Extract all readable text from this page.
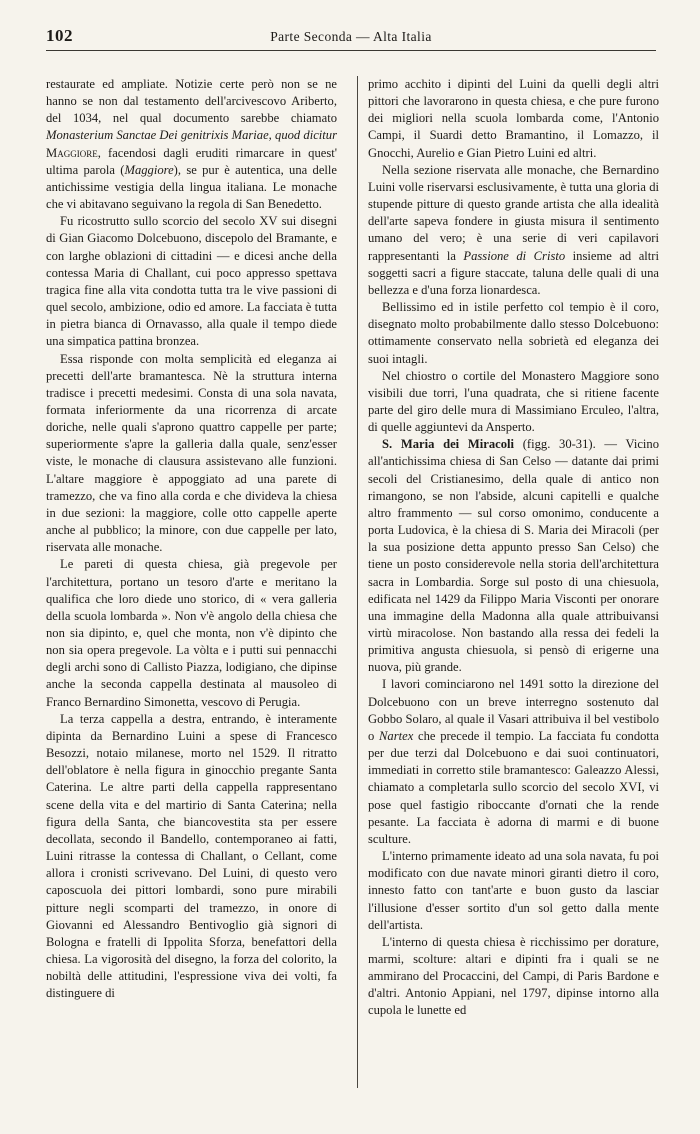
102	Parte Seconda — Alta Italia

restaurate ed ampliate. Notizie certe però non se ne hanno se non dal testamento dell'arcivescovo Ariberto, del 1034, nel qual documento sarebbe chiamato Monasterium Sanctae Dei genitrixis Mariae, quod dicitur Maggiore, facendosi dagli eruditi rimarcare in quest' ultima parola (Maggiore), se pur è autentica, una delle antichissime vestigia della lingua italiana. Le monache che vi abitavano seguivano la regola di San Benedetto.

Fu ricostrutto sullo scorcio del secolo XV sui disegni di Gian Giacomo Dolcebuono, discepolo del Bramante, e con larghe oblazioni di cittadini — e dicesi anche della contessa Maria di Challant, cui poco appresso spettava tragica fine alla vita condotta tutta tra le vive passioni di quel secolo, ambizione, odio ed amore. La facciata è tutta in pietra bianca di Ornavasso, alla quale il tempo diede una simpatica pattina bronzea.

Essa risponde con molta semplicità ed eleganza ai precetti dell'arte bramantesca. Nè la struttura interna tradisce i precetti medesimi. Consta di una sola navata, formata inferiormente da una ricorrenza di arcate doriche, nelle quali s'aprono quattro cappelle per parte; superiormente s'apre la galleria dalla quale, senz'esser viste, le monache di clausura assistevano alle funzioni. L'altare maggiore è appoggiato ad una parete di tramezzo, che va fino alla corda e che divideva la chiesa in due sezioni: la maggiore, colle otto cappelle aperte anche al pubblico; la minore, con due cappelle per lato, riservata alle monache.

Le pareti di questa chiesa, già pregevole per l'architettura, portano un tesoro d'arte e meritano la qualifica che loro diede uno storico, di « vera galleria della scuola lombarda ». Non v'è angolo della chiesa che non sia dipinto, e, quel che monta, non v'è dipinto che non sia opera pregevole. La vòlta e i putti sui pennacchi degli archi sono di Callisto Piazza, lodigiano, che dipinse anche la seconda cappella destinata al mausoleo di Franco Bernardino Simonetta, vescovo di Perugia.

La terza cappella a destra, entrando, è interamente dipinta da Bernardino Luini a spese di Francesco Besozzi, notaio milanese, morto nel 1529. Il ritratto dell'oblatore è nella figura in ginocchio pregante Santa Caterina. Le altre parti della cappella rappresentano scene della vita e del martirio di Santa Caterina; nella figura della Santa, che biancovestita sta per essere decollata, secondo il Bandello, contemporaneo ai fatti, Luini ritrasse la contessa di Challant, o Cellant, come allora i cronisti scrivevano. Del Luini, di questo vero caposcuola dei pittori lombardi, sono pure mirabili pitture negli scomparti del tramezzo, in onore di Giovanni ed Alessandro Bentivoglio già signori di Bologna e fratelli di Ippolita Sforza, benefattori della chiesa. La vigorosità del disegno, la forza del colorito, la nobiltà delle attitudini, l'espressione viva dei volti, fa distinguere di

primo acchito i dipinti del Luini da quelli degli altri pittori che lavorarono in questa chiesa, e che pure furono dei migliori nella scuola lombarda come, l'Antonio Campi, il Suardi detto Bramantino, il Lomazzo, il Gnocchi, Aurelio e Gian Pietro Luini ed altri.

Nella sezione riservata alle monache, che Bernardino Luini volle riservarsi esclusivamente, è tutta una gloria di stupende pitture di questo grande artista che alla idealità dell'arte sapeva fondere in giusta misura il sentimento umano del vero; è una serie di veri capilavori rappresentanti la Passione di Cristo insieme ad altri soggetti sacri a figure staccate, taluna delle quali di una bellezza e d'una forza lionardesca.

Bellissimo ed in istile perfetto col tempio è il coro, disegnato molto probabilmente dallo stesso Dolcebuono: ottimamente conservato nella sobrietà ed eleganza dei suoi intagli.

Nel chiostro o cortile del Monastero Maggiore sono visibili due torri, l'una quadrata, che si ritiene facente parte del giro delle mura di Massimiano Erculeo, l'altra, di quelle aggiuntevi da Ansperto.

S. Maria dei Miracoli (figg. 30-31). — Vicino all'antichissima chiesa di San Celso — datante dai primi secoli del Cristianesimo, della quale di antico non rimangono, se non l'abside, alcuni capitelli e qualche altro frammento — sul corso omonimo, conducente a porta Ludovica, è la chiesa di S. Maria dei Miracoli (per la sua posizione detta appunto presso San Celso) che tiene un posto considerevole nella storia dell'architettura sacra in Lombardia. Sorge sul posto di una chiesuola, edificata nel 1429 da Filippo Maria Visconti per onorare una immagine della Madonna alla quale attribuivansi virtù miracolose. Non bastando alla ressa dei fedeli la primitiva angusta chiesuola, si pensò di erigerne una nuova, più grande.

I lavori cominciarono nel 1491 sotto la direzione del Dolcebuono con un breve interregno sostenuto dal Gobbo Solaro, al quale il Vasari attribuiva il bel vestibolo o Nartex che precede il tempio. La facciata fu condotta per due terzi dal Dolcebuono e dai suoi continuatori, immediati in corretto stile bramantesco: Galeazzo Alessi, chiamato a completarla sullo scorcio del secolo XVI, vi pose quel fastigio riboccante d'ornati che la rende pesante. La facciata è adorna di marmi e di buone sculture.

L'interno primamente ideato ad una sola navata, fu poi modificato con due navate minori giranti dietro il coro, innesto fatto con tant'arte e buon gusto da lasciar l'illusione d'esser sortito d'un sol getto dalla mente dell'artista.

L'interno di questa chiesa è ricchissimo per dorature, marmi, scolture: altari e dipinti fra i quali se ne ammirano del Procaccini, del Campi, di Paris Bardone e d'altri. Antonio Appiani, nel 1797, dipinse intorno alla cupola le lunette ed
